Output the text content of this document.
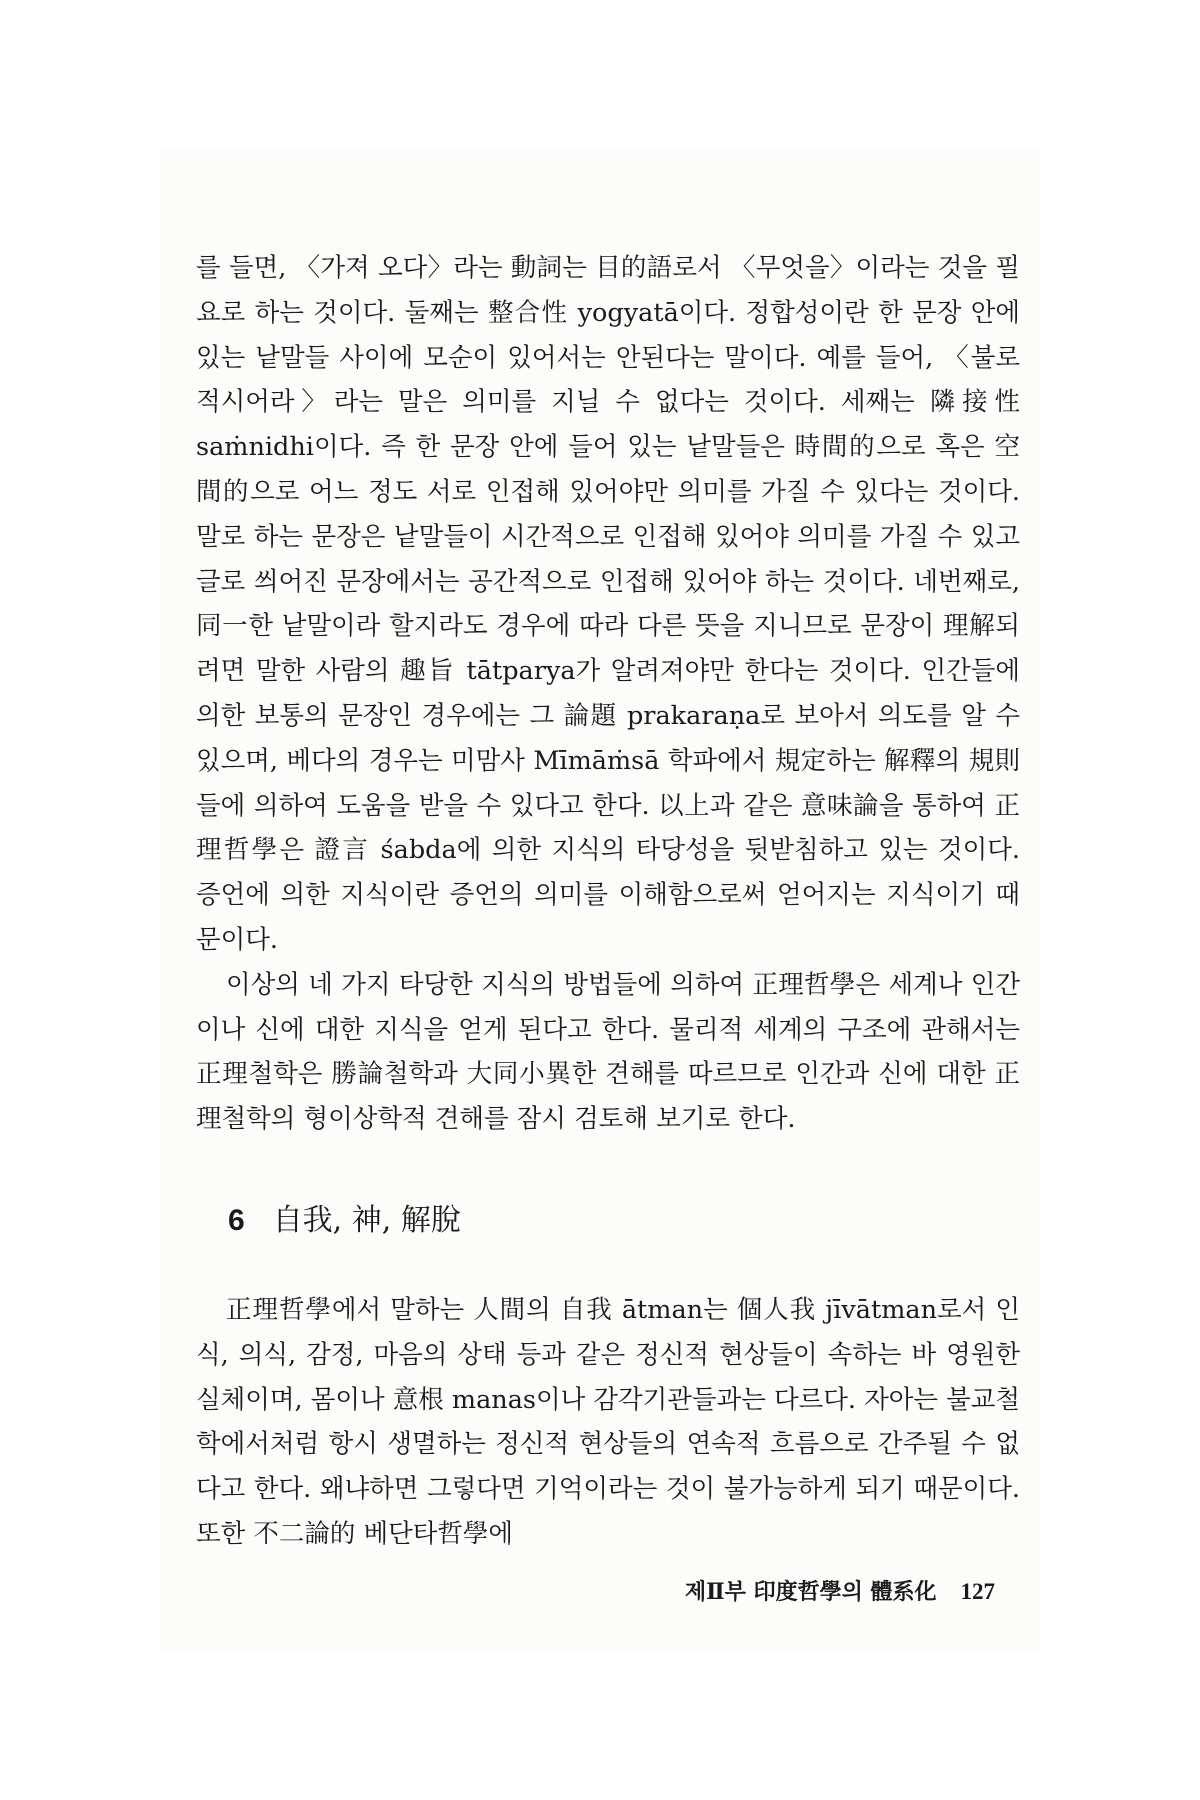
를 들면, 〈가져 오다〉라는 動詞는 目的語로서 〈무엇을〉이라는 것을 필요로 하는 것이다. 둘째는 整合性 yogyatā이다. 정합성이란 한 문장 안에 있는 낱말들 사이에 모순이 있어서는 안된다는 말이다. 예를 들어, 〈불로 적시어라〉라는 말은 의미를 지닐 수 없다는 것이다. 세째는 隣接性 saṁnidhi이다. 즉 한 문장 안에 들어 있는 낱말들은 時間的으로 혹은 空間的으로 어느 정도 서로 인접해 있어야만 의미를 가질 수 있다는 것이다. 말로 하는 문장은 낱말들이 시간적으로 인접해 있어야 의미를 가질 수 있고 글로 씌어진 문장에서는 공간적으로 인접해 있어야 하는 것이다. 네번째로, 同一한 낱말이라 할지라도 경우에 따라 다른 뜻을 지니므로 문장이 理解되려면 말한 사람의 趣旨 tātparya가 알려져야만 한다는 것이다. 인간들에 의한 보통의 문장인 경우에는 그 論題 prakaraṇa로 보아서 의도를 알 수 있으며, 베다의 경우는 미맘사 Mīmāṁsā 학파에서 規定하는 解釋의 規則들에 의하여 도움을 받을 수 있다고 한다. 以上과 같은 意味論을 통하여 正理哲學은 證言 śabda에 의한 지식의 타당성을 뒷받침하고 있는 것이다. 증언에 의한 지식이란 증언의 의미를 이해함으로써 얻어지는 지식이기 때문이다.

이상의 네 가지 타당한 지식의 방법들에 의하여 正理哲學은 세계나 인간이나 신에 대한 지식을 얻게 된다고 한다. 물리적 세계의 구조에 관해서는 正理철학은 勝論철학과 大同小異한 견해를 따르므로 인간과 신에 대한 正理철학의 형이상학적 견해를 잠시 검토해 보기로 한다.

6 自我, 神, 解脫

正理哲學에서 말하는 人間의 自我 ātman는 個人我 jīvātman로서 인식, 의식, 감정, 마음의 상태 등과 같은 정신적 현상들이 속하는 바 영원한 실체이며, 몸이나 意根 manas이나 감각기관들과는 다르다. 자아는 불교철학에서처럼 항시 생멸하는 정신적 현상들의 연속적 흐름으로 간주될 수 없다고 한다. 왜냐하면 그렇다면 기억이라는 것이 불가능하게 되기 때문이다. 또한 不二論的 베단타哲學에

제Ⅱ부 印度哲學의 體系化 127
